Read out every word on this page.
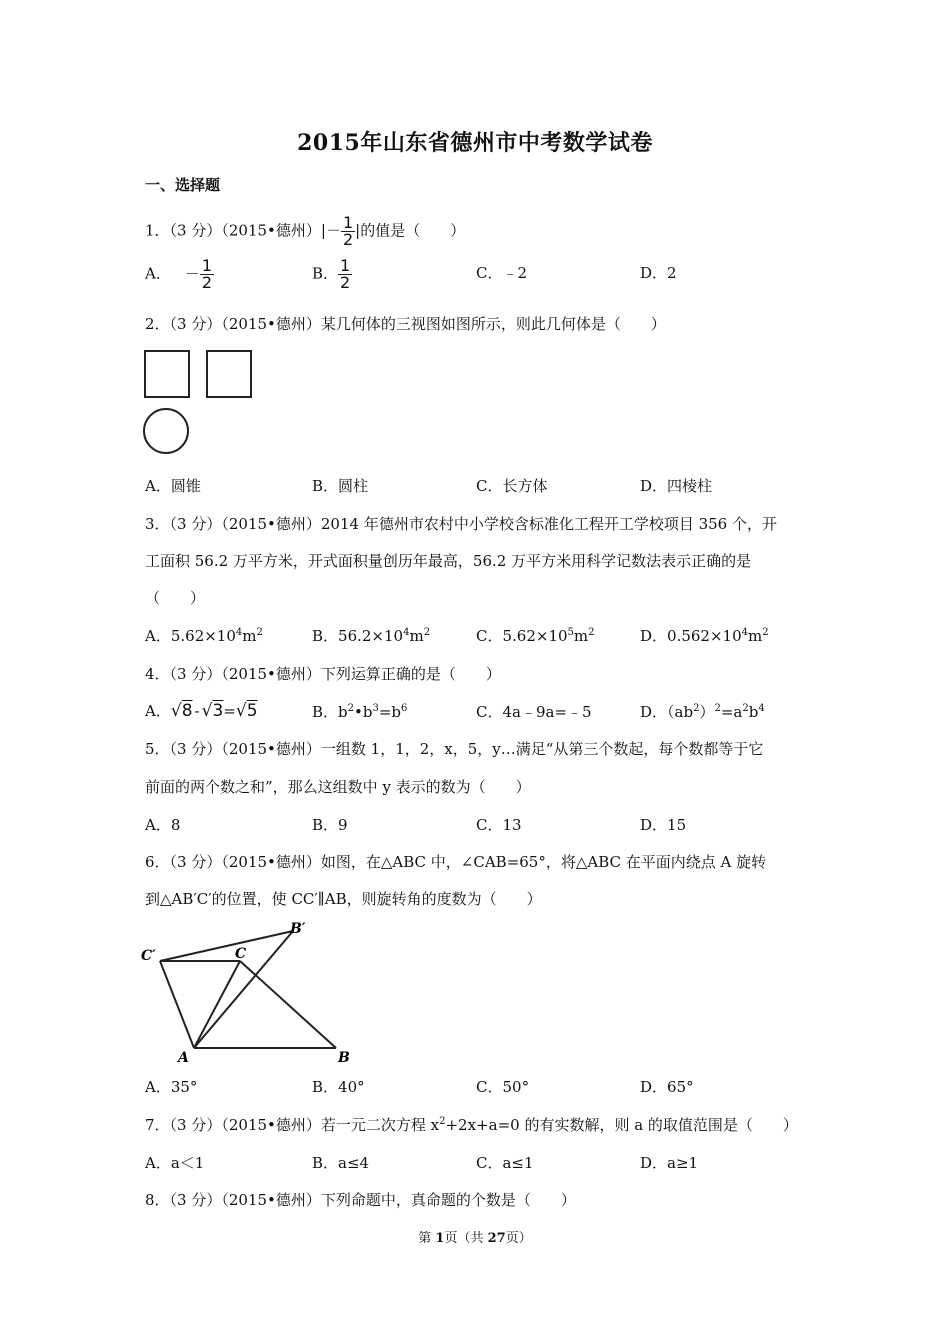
2015年山东省德州市中考数学试卷
一、选择题
1．（3 分）（2015•德州）|－ $\frac{1}{2}$ |的值是（　　）
A． － $\frac{1}{2}$	B． $\frac{1}{2}$	C．﹣2	D．2
2．（3 分）（2015•德州）某几何体的三视图如图所示，则此几何体是（　　）
A．圆锥	B．圆柱	C．长方体	D．四棱柱
3．（3 分）（2015•德州）2014 年德州市农村中小学校含标准化工程开工学校项目 356 个，开
工面积 56.2 万平方米，开式面积量创历年最高，56.2 万平方米用科学记数法表示正确的是
（　　）
A．$5.62\times 10^4m^2$	B．$56.2\times 10^4m^2$	C．$5.62\times 10^5m^2$	D．$0.562\times 10^4m^2$
4．（3 分）（2015•德州）下列运算正确的是（　　）
A．√8 - √3=√5	B．$b^2•b^3=b^6$	C．4a﹣9a=﹣5	D．$(ab^2)^2=a^2b^4$
5．（3 分）（2015•德州）一组数 1，1，2，x，5，y…满足“从第三个数起，每个数都等于它
前面的两个数之和”，那么这组数中 y 表示的数为（　　）
A．8	B．9	C．13	D．15
6．（3 分）（2015•德州）如图，在△ABC 中，∠CAB=65°，将△ABC 在平面内绕点 A 旋转
到△AB′C′的位置，使 CC′∥AB，则旋转角的度数为（　　）
C′	C
B′
A	B
A．35°	B．40°	C．50°	D．65°
7．（3 分）（2015•德州）若一元二次方程 $x^2+2x+a=0$ 的有实数解，则 a 的取值范围是（　　）
A．a＜1	B．a≤4	C．a≤1	D．a≥1
8．（3 分）（2015•德州）下列命题中，真命题的个数是（　　）
第 1页（共 27页）
